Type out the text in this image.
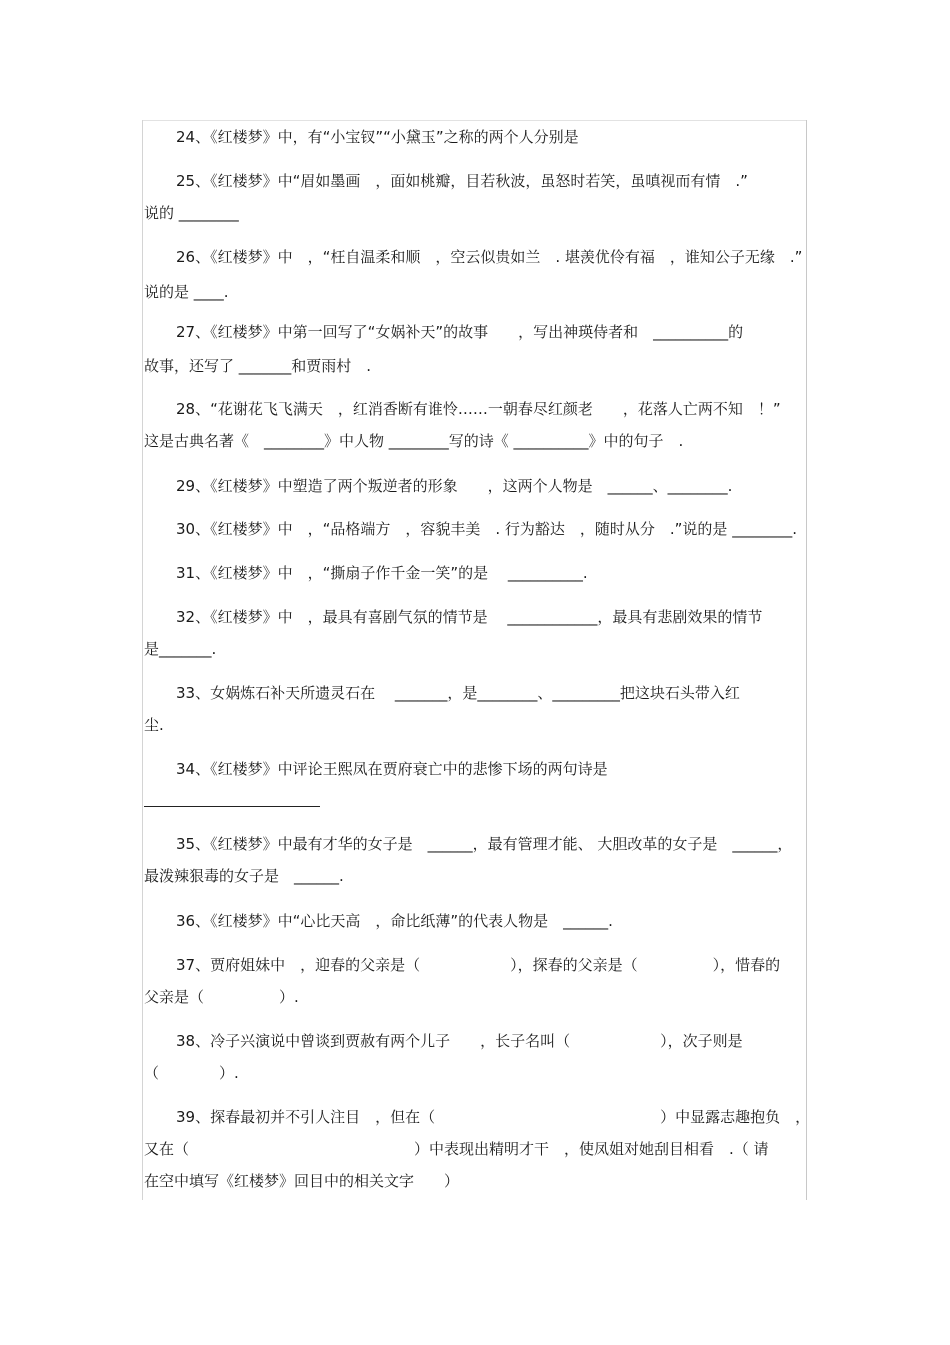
24、《红楼梦》中，有“小宝钗”“小黛玉”之称的两个人分别是
25、《红楼梦》中“眉如墨画　，面如桃瓣，目若秋波，虽怒时若笑，虽嗔视而有情　.”
说的 ________
26、《红楼梦》中　，“枉自温柔和顺　，空云似贵如兰　. 堪羡优伶有福　，谁知公子无缘　.”
说的是 ____.
27、《红楼梦》中第一回写了“女娲补天”的故事　　，写出神瑛侍者和　__________的
故事，还写了 _______和贾雨村　.
28、“花谢花飞飞满天　，红消香断有谁怜……一朝春尽红颜老　　，花落人亡两不知　！”
这是古典名著《　________》中人物 ________写的诗《 __________》中的句子　.
29、《红楼梦》中塑造了两个叛逆者的形象　　，这两个人物是　______、________.
30、《红楼梦》中　，“品格端方　，容貌丰美　. 行为豁达　，随时从分　.”说的是 ________.
31、《红楼梦》中　，“撕扇子作千金一笑”的是　 __________.
32、《红楼梦》中　，最具有喜剧气氛的情节是　 ____________，最具有悲剧效果的情节
是_______.
33、女娲炼石补天所遗灵石在　 _______，是________、_________把这块石头带入红
尘.
34、《红楼梦》中评论王熙凤在贾府衰亡中的悲惨下场的两句诗是
35、《红楼梦》中最有才华的女子是　______，最有管理才能、 大胆改革的女子是　______，
最泼辣狠毒的女子是　______.
36、《红楼梦》中“心比天高　，命比纸薄”的代表人物是　______.
37、贾府姐妹中　，迎春的父亲是（　　　　　　），探春的父亲是（　　　　　），惜春的
父亲是（　　　　　）.
38、冷子兴演说中曾谈到贾赦有两个儿子　　，长子名叫（　　　　　　），次子则是
（　　　　）.
39、探春最初并不引人注目　，但在（　　　　　　　　　　　　　　　）中显露志趣抱负　，
又在（　　　　　　　　　　　　　　　）中表现出精明才干　，使凤姐对她刮目相看　.（ 请
在空中填写《红楼梦》回目中的相关文字　　）
